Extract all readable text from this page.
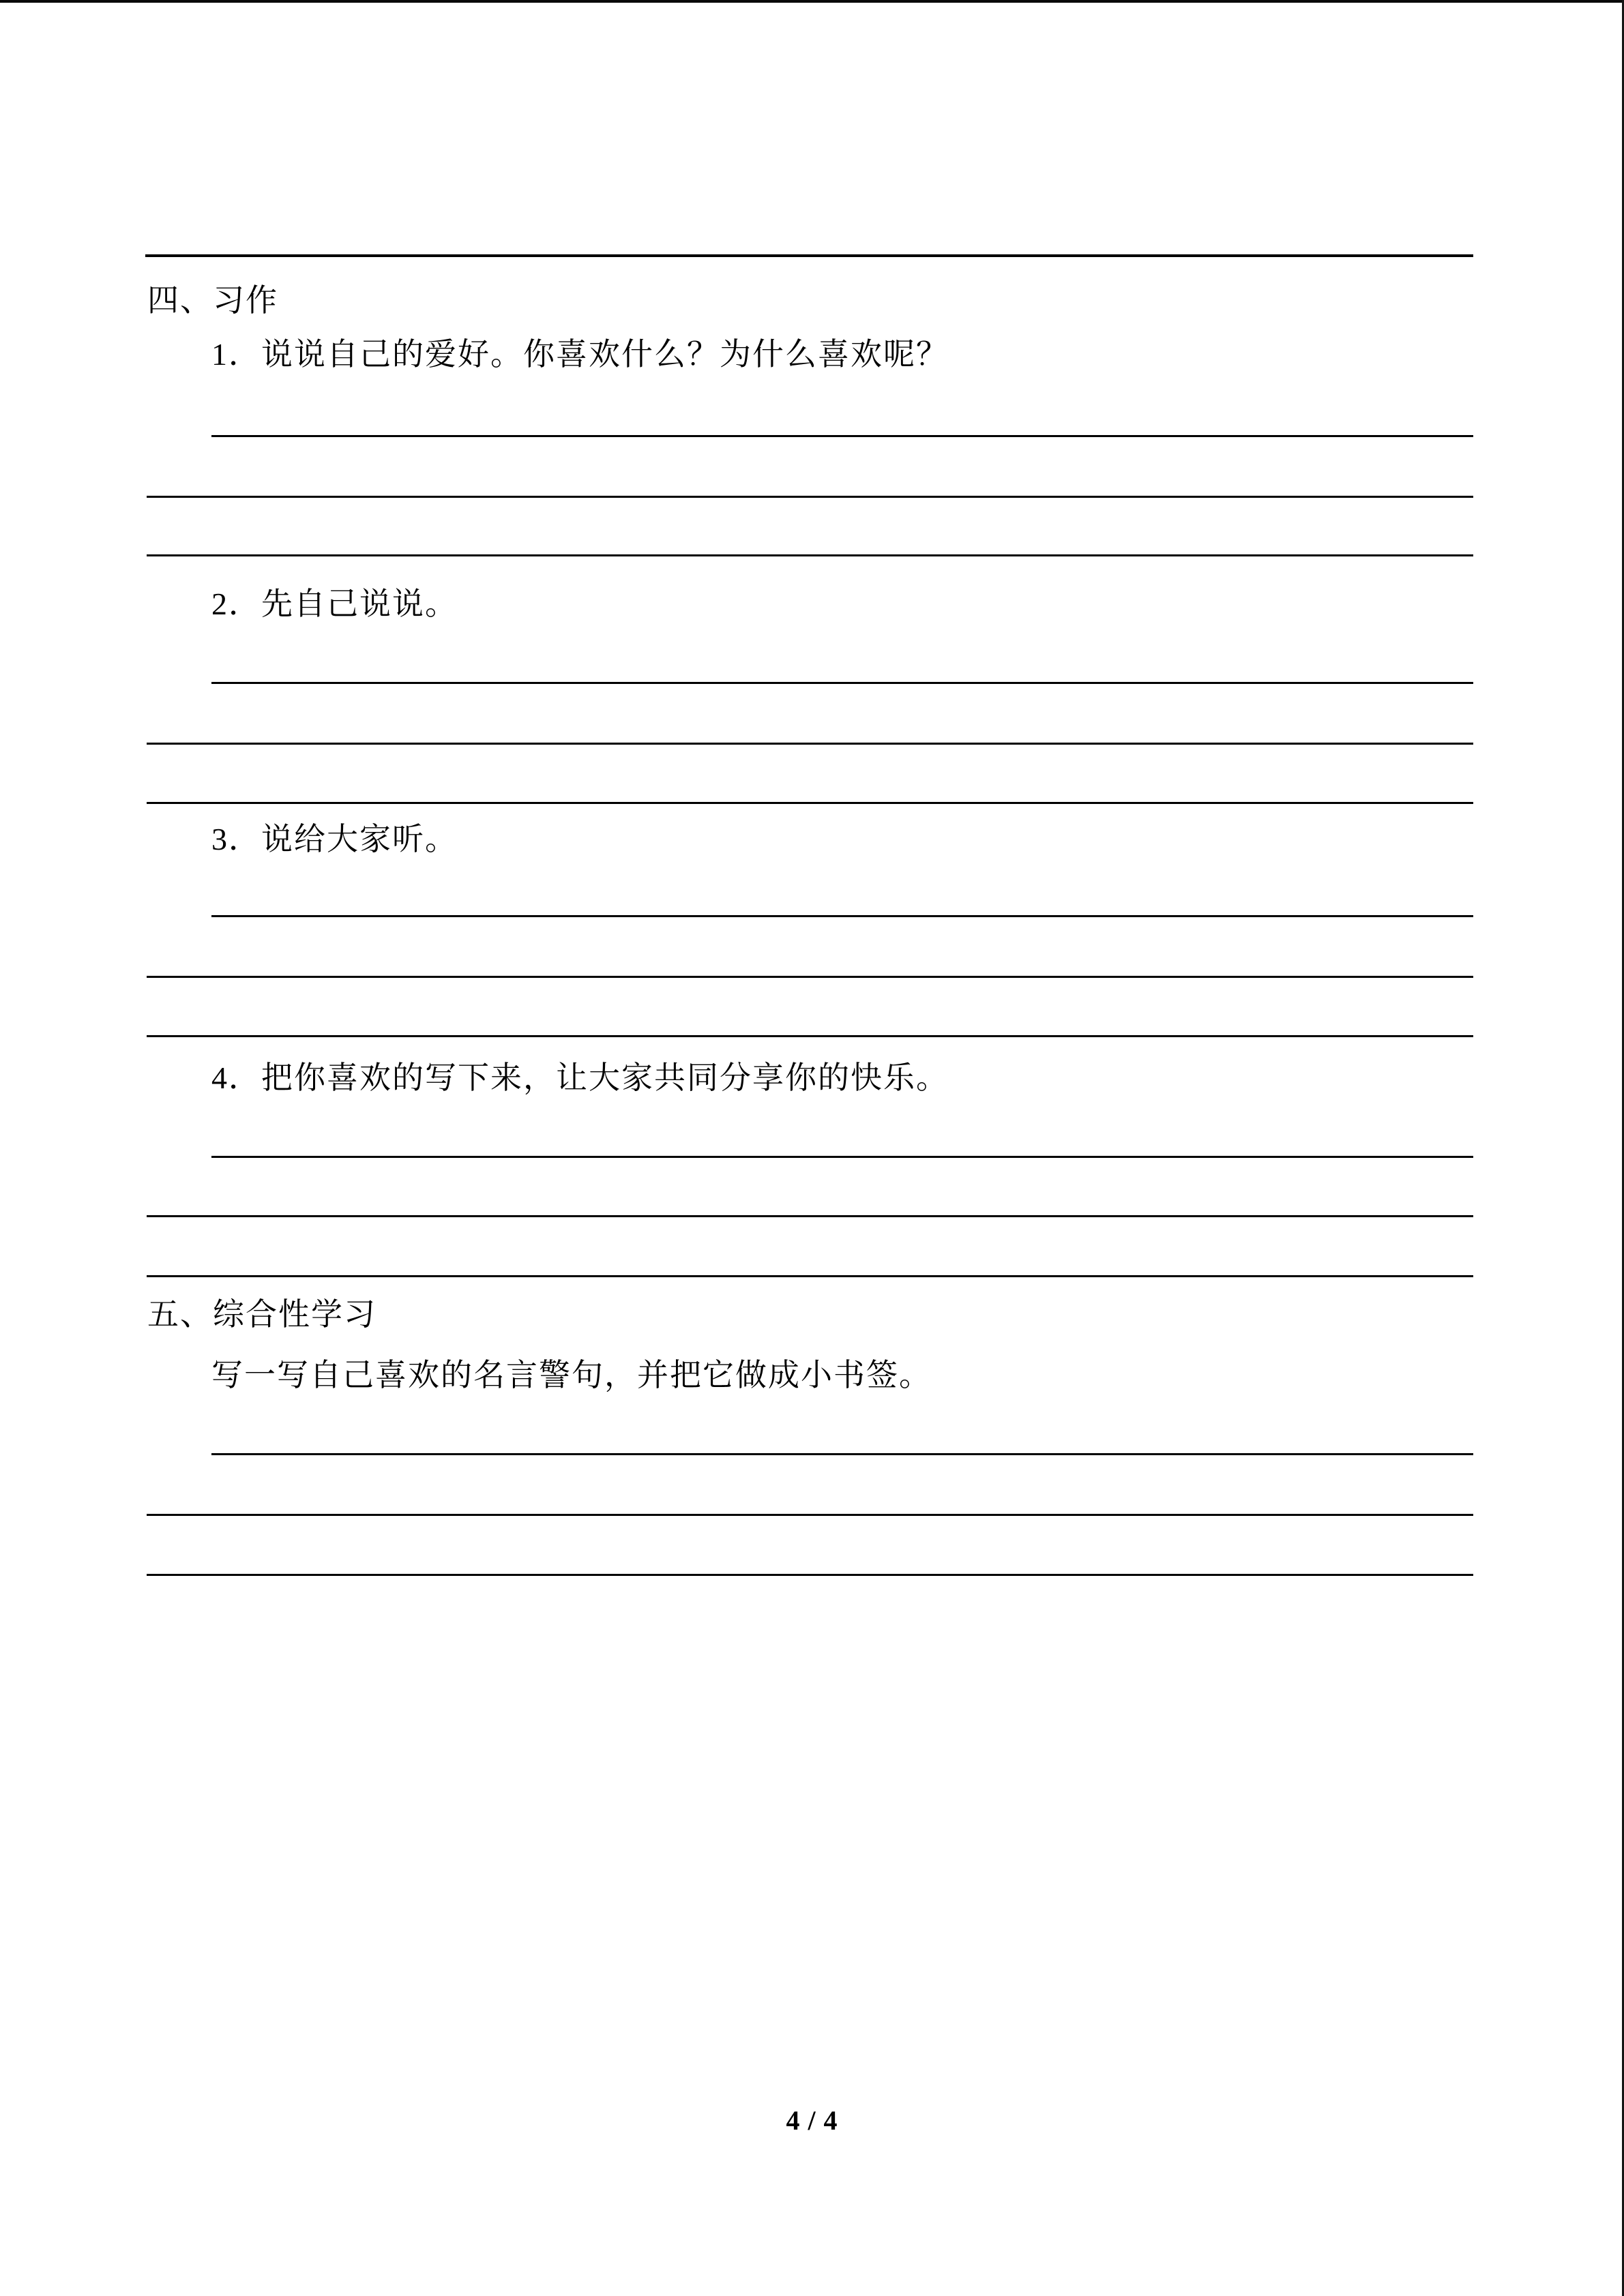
四、习作
1．说说自己的爱好。你喜欢什么？为什么喜欢呢？
2．先自己说说。
3．说给大家听。
4．把你喜欢的写下来，让大家共同分享你的快乐。
五、综合性学习
写一写自己喜欢的名言警句，并把它做成小书签。
4 / 4
